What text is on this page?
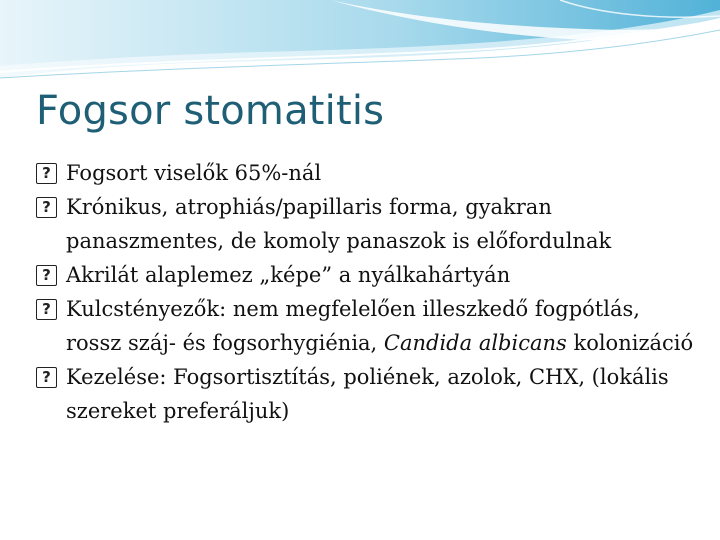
Fogsor stomatitis
? Fogsort viselők 65%-nál
? Krónikus, atrophiás/papillaris forma, gyakran panaszmentes, de komoly panaszok is előfordulnak
? Akrilát alaplemez „képe” a nyálkahártyán
? Kulcstényezők: nem megfelelően illeszkedő fogpótlás, rossz száj- és fogsorhygiénia, Candida albicans kolonizáció
? Kezelése: Fogsortisztítás, poliének, azolok, CHX, (lokális szereket preferáljuk)
